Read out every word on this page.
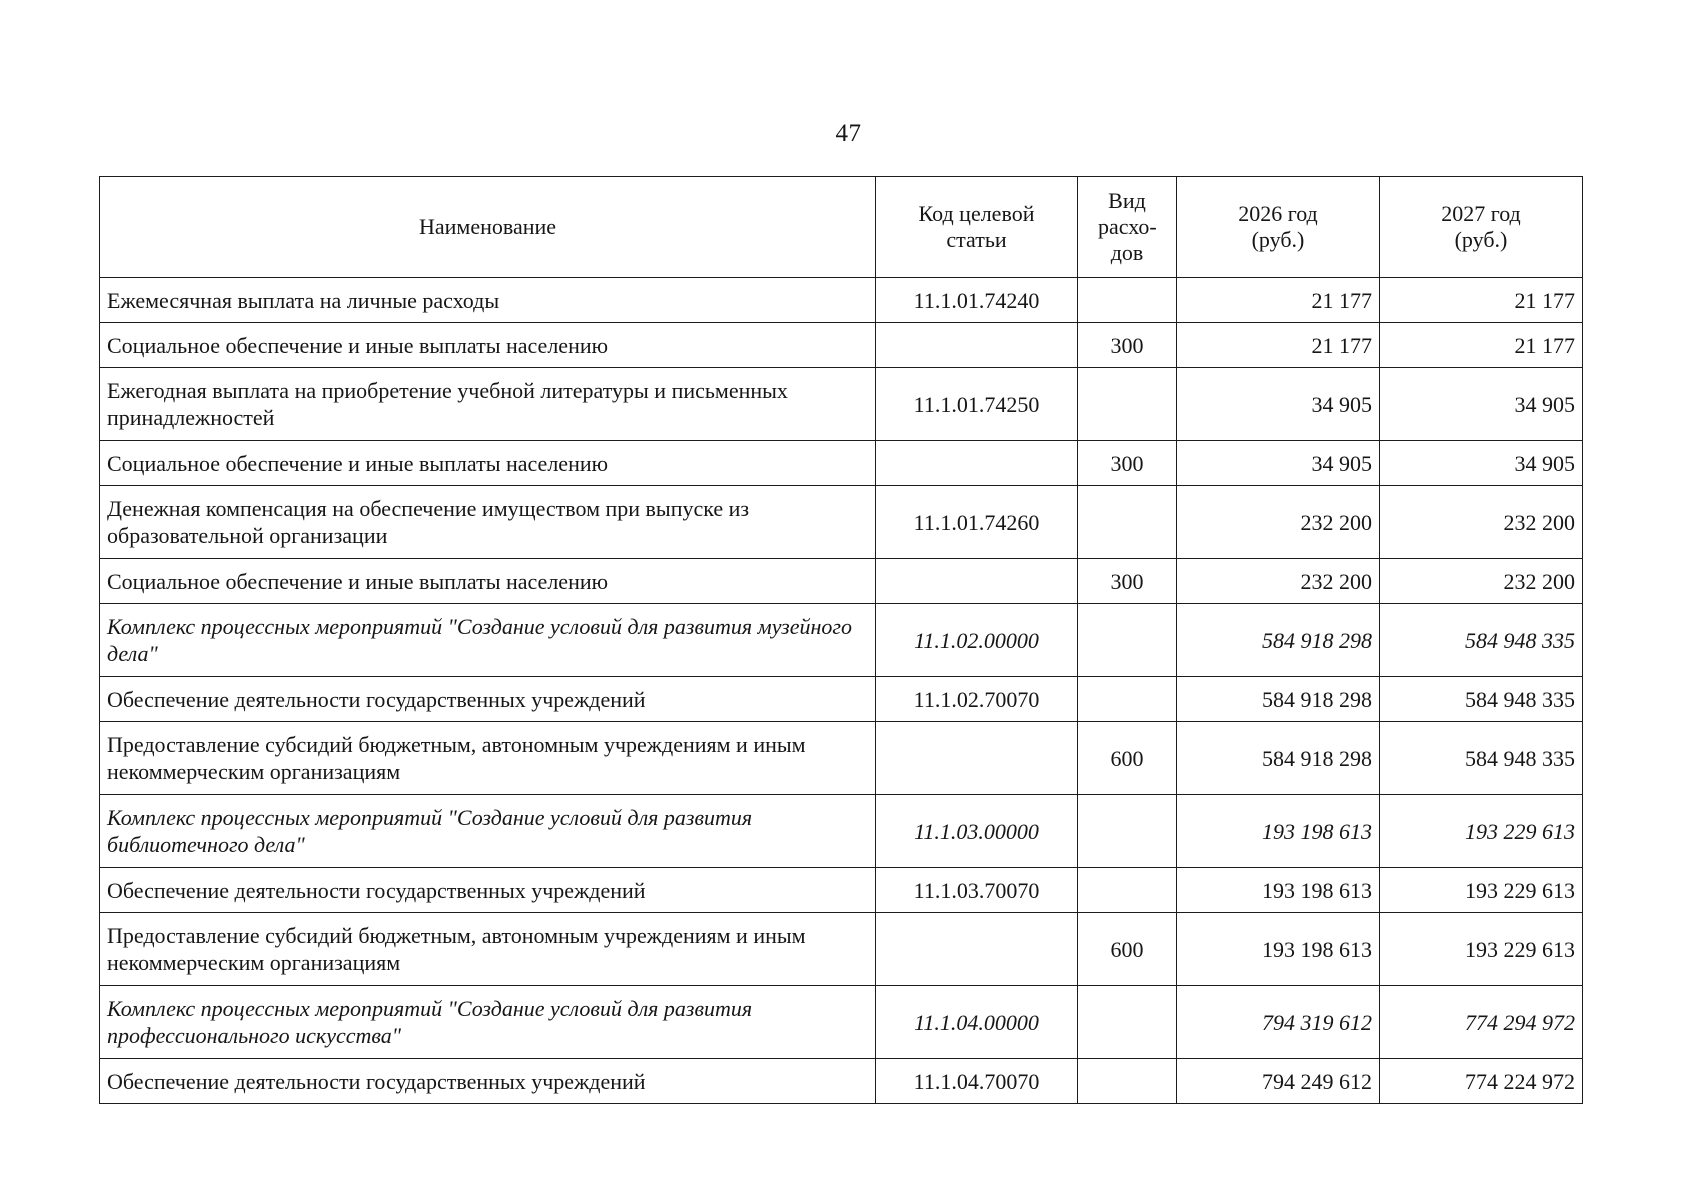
47
Наименование	Код целевой статьи	Вид расхо-дов	2026 год (руб.)	2027 год (руб.)
Ежемесячная выплата на личные расходы	11.1.01.74240		21 177	21 177
Социальное обеспечение и иные выплаты населению		300	21 177	21 177
Ежегодная выплата на приобретение учебной литературы и письменных принадлежностей	11.1.01.74250		34 905	34 905
Социальное обеспечение и иные выплаты населению		300	34 905	34 905
Денежная компенсация на обеспечение имуществом при выпуске из образовательной организации	11.1.01.74260		232 200	232 200
Социальное обеспечение и иные выплаты населению		300	232 200	232 200
Комплекс процессных мероприятий "Создание условий для развития музейного дела"	11.1.02.00000		584 918 298	584 948 335
Обеспечение деятельности государственных учреждений	11.1.02.70070		584 918 298	584 948 335
Предоставление субсидий бюджетным, автономным учреждениям и иным некоммерческим организациям		600	584 918 298	584 948 335
Комплекс процессных мероприятий "Создание условий для развития библиотечного дела"	11.1.03.00000		193 198 613	193 229 613
Обеспечение деятельности государственных учреждений	11.1.03.70070		193 198 613	193 229 613
Предоставление субсидий бюджетным, автономным учреждениям и иным некоммерческим организациям		600	193 198 613	193 229 613
Комплекс процессных мероприятий "Создание условий для развития профессионального искусства"	11.1.04.00000		794 319 612	774 294 972
Обеспечение деятельности государственных учреждений	11.1.04.70070		794 249 612	774 224 972
